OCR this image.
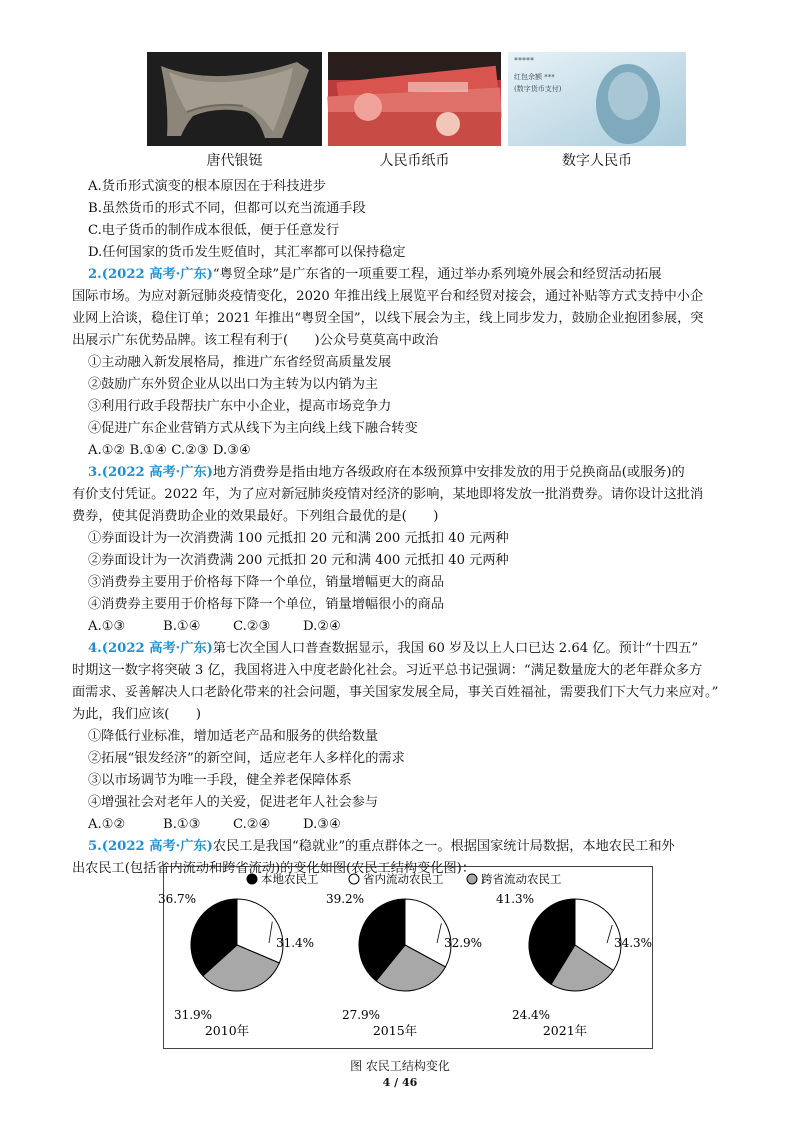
*****
红包余额 ***
(数字货币支付)
唐代银铤	人民币纸币	数字人民币
A.货币形式演变的根本原因在于科技进步
B.虽然货币的形式不同，但都可以充当流通手段
C.电子货币的制作成本很低，便于任意发行
D.任何国家的货币发生贬值时，其汇率都可以保持稳定
2.(2022 高考·广东)“粤贸全球”是广东省的一项重要工程，通过举办系列境外展会和经贸活动拓展
国际市场。为应对新冠肺炎疫情变化，2020 年推出线上展览平台和经贸对接会，通过补贴等方式支持中小企
业网上洽谈，稳住订单；2021 年推出“粤贸全国”，以线下展会为主，线上同步发力，鼓励企业抱团参展，突
出展示广东优势品牌。该工程有利于(　　)公众号莫莫高中政治
①主动融入新发展格局，推进广东省经贸高质量发展
②鼓励广东外贸企业从以出口为主转为以内销为主
③利用行政手段帮扶广东中小企业，提高市场竞争力
④促进广东企业营销方式从线下为主向线上线下融合转变
A.①② B.①④ C.②③ D.③④
3.(2022 高考·广东)地方消费券是指由地方各级政府在本级预算中安排发放的用于兑换商品(或服务)的
有价支付凭证。2022 年，为了应对新冠肺炎疫情对经济的影响，某地即将发放一批消费券。请你设计这批消
费券，使其促消费助企业的效果最好。下列组合最优的是(　　)
①券面设计为一次消费满 100 元抵扣 20 元和满 200 元抵扣 40 元两种
②券面设计为一次消费满 200 元抵扣 20 元和满 400 元抵扣 40 元两种
③消费券主要用于价格每下降一个单位，销量增幅更大的商品
④消费券主要用于价格每下降一个单位，销量增幅很小的商品
A.①③	B.①④ C.②③ D.②④
4.(2022 高考·广东)第七次全国人口普查数据显示，我国 60 岁及以上人口已达 2.64 亿。预计“十四五”
时期这一数字将突破 3 亿，我国将进入中度老龄化社会。习近平总书记强调：“满足数量庞大的老年群众多方
面需求、妥善解决人口老龄化带来的社会问题，事关国家发展全局，事关百姓福祉，需要我们下大气力来应对。”
为此，我们应该(　　)
①降低行业标准，增加适老产品和服务的供给数量
②拓展“银发经济”的新空间，适应老年人多样化的需求
③以市场调节为唯一手段，健全养老保障体系
④增强社会对老年人的关爱，促进老年人社会参与
A.①②	B.①③ C.②④ D.③④
5.(2022 高考·广东)农民工是我国“稳就业”的重点群体之一。根据国家统计局数据，本地农民工和外
本地农民工	省内流动农民工	跨省流动农民工
36.7%
31.4%
31.9%
2010年
39.2%
32.9%
27.9%
2015年
41.3%
34.3%
24.4%
2021年
图 农民工结构变化
4 / 46
出农民工(包括省内流动和跨省流动)的变化如图(农民工结构变化图)：
